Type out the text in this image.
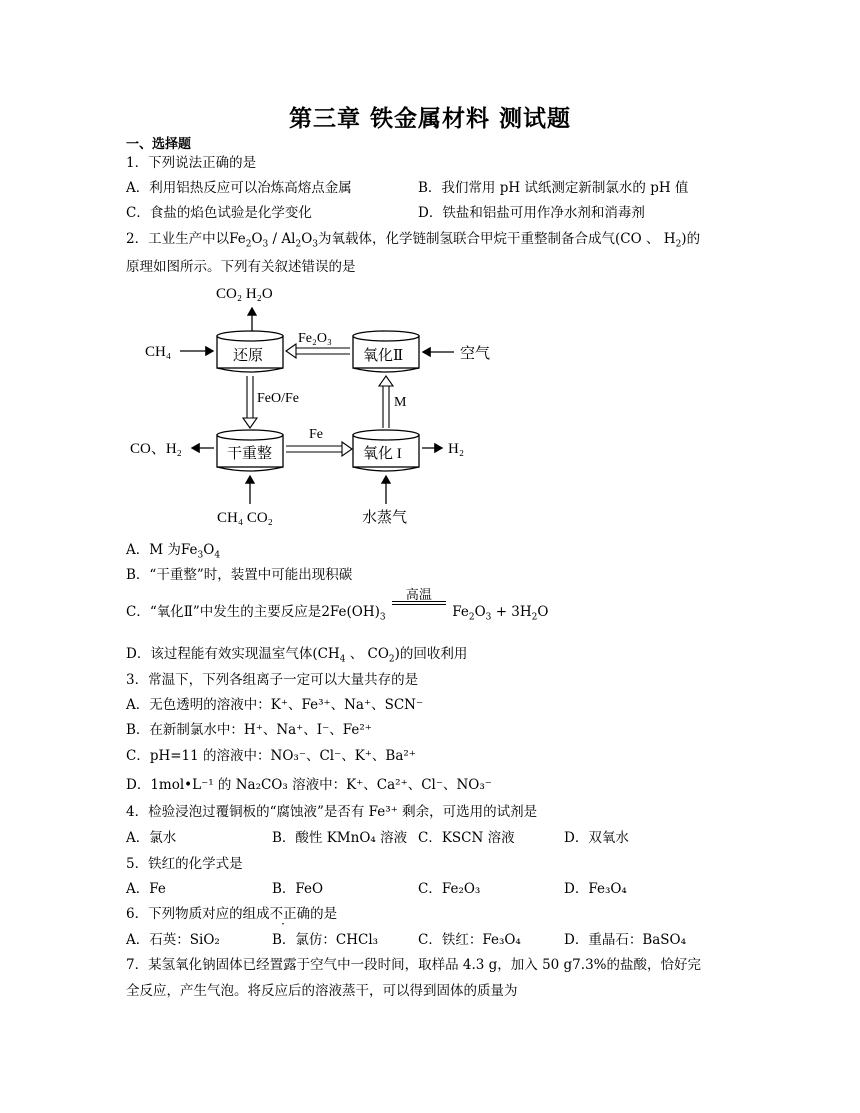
第三章 铁金属材料 测试题
一、选择题
1．下列说法正确的是
A．利用铝热反应可以冶炼高熔点金属	B．我们常用 pH 试纸测定新制氯水的 pH 值
C．食盐的焰色试验是化学变化	D．铁盐和铝盐可用作净水剂和消毒剂
2．工业生产中以$Fe_2O_3 / Al_2O_3$为氧载体，化学链制氢联合甲烷干重整制备合成气(CO 、 $H_2$)的
原理如图所示。下列有关叙述错误的是
CO₂ H₂O
还原	氧化Ⅱ
干重整	氧化 I
CH₄	空气
Fe₂O₃
FeO/Fe	M
Fe
CO、H₂	H₂
CH₄ CO₂	水蒸气
A．M 为$Fe_3O_4$
B．“干重整”时，装置中可能出现积碳
C．“氧化Ⅱ”中发生的主要反应是$2Fe(OH)_3$
高温
$Fe_2O_3 + 3H_2O$
D．该过程能有效实现温室气体($CH_4$ 、 $CO_2$)的回收利用
3．常温下，下列各组离子一定可以大量共存的是
A．无色透明的溶液中：K⁺、Fe³⁺、Na⁺、SCN⁻
B．在新制氯水中：H⁺、Na⁺、I⁻、Fe²⁺
C．pH=11 的溶液中：NO₃⁻、Cl⁻、K⁺、Ba²⁺
D．1mol•L⁻¹ 的 Na₂CO₃ 溶液中：K⁺、Ca²⁺、Cl⁻、NO₃⁻
4．检验浸泡过覆铜板的“腐蚀液”是否有 Fe³⁺ 剩余，可选用的试剂是
A．氯水	B．酸性 KMnO₄ 溶液 C．KSCN 溶液	D．双氧水
5．铁红的化学式是
A．Fe	B．FeO	C．Fe₂O₃	D．Fe₃O₄
6．下列物质对应的组成不正确的是
A．石英：SiO₂	B．氯仿：CHCl₃	C．铁红：Fe₃O₄	D．重晶石：BaSO₄
7．某氢氧化钠固体已经置露于空气中一段时间，取样品 4.3 g，加入 50 g7.3%的盐酸，恰好完
全反应，产生气泡。将反应后的溶液蒸干，可以得到固体的质量为
